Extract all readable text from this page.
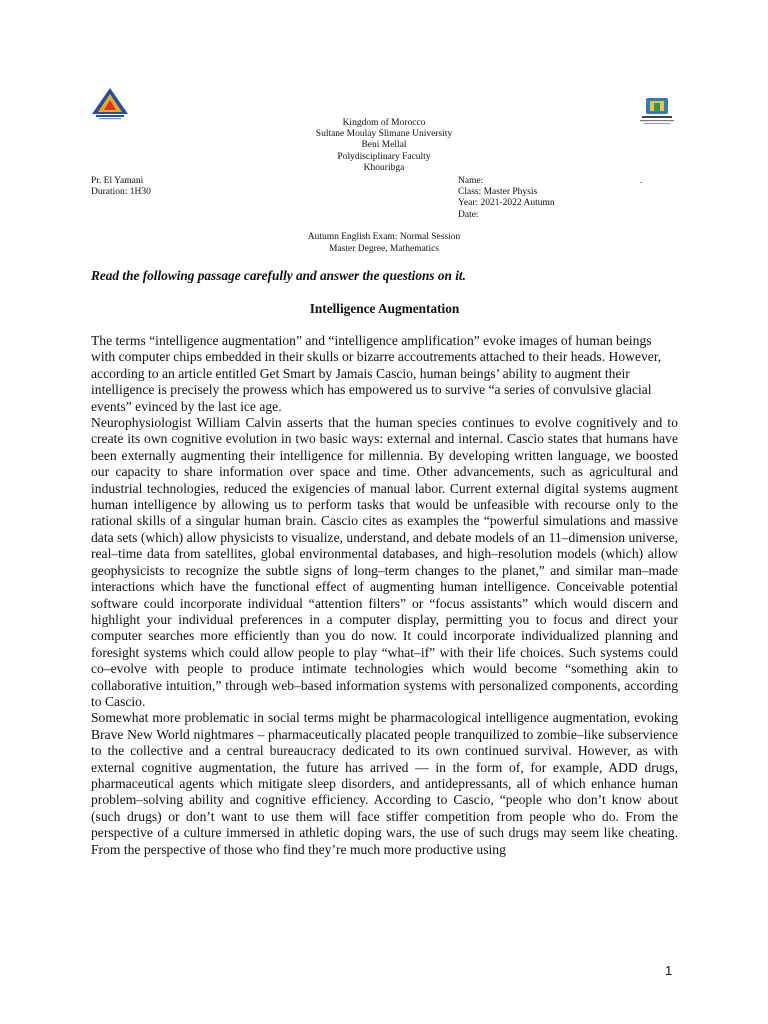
Kingdom of Morocco
Sultane Moulay Slimane University
Beni Mellal
Polydisciplinary Faculty
Khouribga
Pr. El Yamani
Duration: 1H30
Name:
Class: Master Physis
Year: 2021-2022 Autumn
Date:
.
Autumn English Exam: Normal Session
Master Degree, Mathematics
Read the following passage carefully and answer the questions on it.
Intelligence Augmentation

The terms “intelligence augmentation” and “intelligence amplification” evoke images of human beings with computer chips embedded in their skulls or bizarre accoutrements attached to their heads. However, according to an article entitled Get Smart by Jamais Cascio, human beings’ ability to augment their intelligence is precisely the prowess which has empowered us to survive “a series of convulsive glacial events” evinced by the last ice age.

Neurophysiologist William Calvin asserts that the human species continues to evolve cognitively and to create its own cognitive evolution in two basic ways: external and internal. Cascio states that humans have been externally augmenting their intelligence for millennia. By developing written language, we boosted our capacity to share information over space and time. Other advancements, such as agricultural and industrial technologies, reduced the exigencies of manual labor. Current external digital systems augment human intelligence by allowing us to perform tasks that would be unfeasible with recourse only to the rational skills of a singular human brain. Cascio cites as examples the “powerful simulations and massive data sets (which) allow physicists to visualize, understand, and debate models of an 11–dimension universe, real–time data from satellites, global environmental databases, and high–resolution models (which) allow geophysicists to recognize the subtle signs of long–term changes to the planet,” and similar man–made interactions which have the functional effect of augmenting human intelligence. Conceivable potential software could incorporate individual “attention filters” or “focus assistants” which would discern and highlight your individual preferences in a computer display, permitting you to focus and direct your computer searches more efficiently than you do now. It could incorporate individualized planning and foresight systems which could allow people to play “what–if” with their life choices. Such systems could co–evolve with people to produce intimate technologies which would become “something akin to collaborative intuition,” through web–based information systems with personalized components, according to Cascio.

Somewhat more problematic in social terms might be pharmacological intelligence augmentation, evoking Brave New World nightmares – pharmaceutically placated people tranquilized to zombie–like subservience to the collective and a central bureaucracy dedicated to its own continued survival. However, as with external cognitive augmentation, the future has arrived — in the form of, for example, ADD drugs, pharmaceutical agents which mitigate sleep disorders, and antidepressants, all of which enhance human problem–solving ability and cognitive efficiency. According to Cascio, “people who don’t know about (such drugs) or don’t want to use them will face stiffer competition from people who do. From the perspective of a culture immersed in athletic doping wars, the use of such drugs may seem like cheating. From the perspective of those who find they’re much more productive using

1
